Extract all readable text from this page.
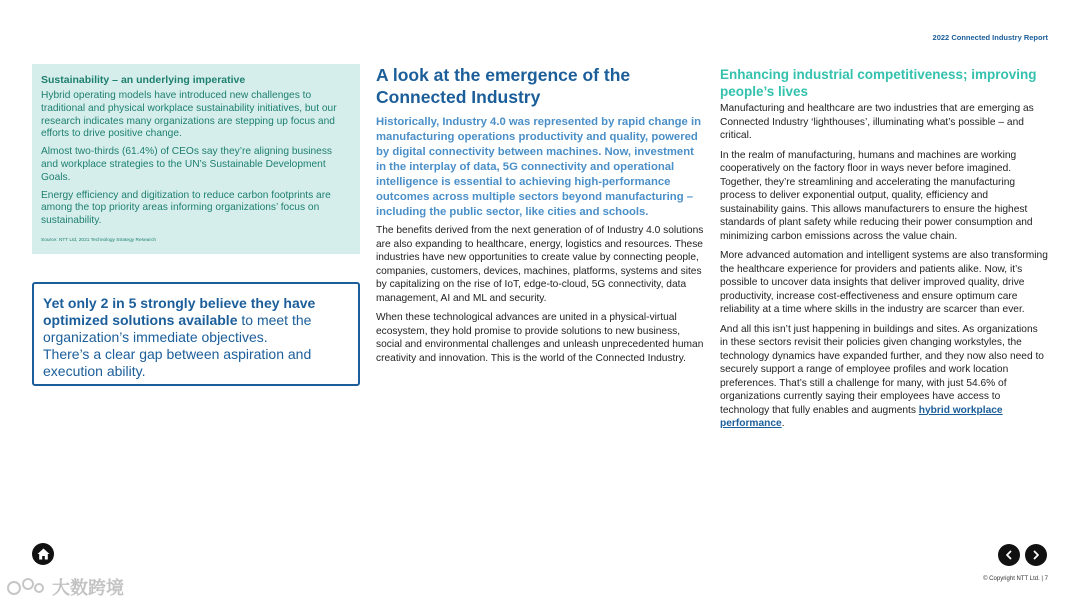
2022 Connected Industry Report

Sustainability – an underlying imperative

Hybrid operating models have introduced new challenges to traditional and physical workplace sustainability initiatives, but our research indicates many organizations are stepping up focus and efforts to drive positive change.

Almost two-thirds (61.4%) of CEOs say they’re aligning business and workplace strategies to the UN’s Sustainable Development Goals.

Energy efficiency and digitization to reduce carbon footprints are among the top priority areas informing organizations’ focus on sustainability.

Source: NTT Ltd, 2021 Technology Strategy Research
Yet only 2 in 5 strongly believe they have optimized solutions available to meet the organization’s immediate objectives.
There’s a clear gap between aspiration and execution ability.
A look at the emergence of the Connected Industry

Historically, Industry 4.0 was represented by rapid change in manufacturing operations productivity and quality, powered by digital connectivity between machines. Now, investment in the interplay of data, 5G connectivity and operational intelligence is essential to achieving high-performance outcomes across multiple sectors beyond manufacturing – including the public sector, like cities and schools.

The benefits derived from the next generation of of Industry 4.0 solutions are also expanding to healthcare, energy, logistics and resources. These industries have new opportunities to create value by connecting people, companies, customers, devices, machines, platforms, systems and sites by capitalizing on the rise of IoT, edge-to-cloud, 5G connectivity, data management, AI and ML and security.

When these technological advances are united in a physical-virtual ecosystem, they hold promise to provide solutions to new business, social and environmental challenges and unleash unprecedented human creativity and innovation. This is the world of the Connected Industry.

Enhancing industrial competitiveness; improving people’s lives

Manufacturing and healthcare are two industries that are emerging as Connected Industry ‘lighthouses’, illuminating what’s possible – and critical.

In the realm of manufacturing, humans and machines are working cooperatively on the factory floor in ways never before imagined. Together, they’re streamlining and accelerating the manufacturing process to deliver exponential output, quality, efficiency and sustainability gains. This allows manufacturers to ensure the highest standards of plant safety while reducing their power consumption and minimizing carbon emissions across the value chain.

More advanced automation and intelligent systems are also transforming the healthcare experience for providers and patients alike. Now, it’s possible to uncover data insights that deliver improved quality, drive productivity, increase cost-effectiveness and ensure optimum care reliability at a time where skills in the industry are scarcer than ever.

And all this isn’t just happening in buildings and sites. As organizations in these sectors revisit their policies given changing workstyles, the technology dynamics have expanded further, and they now also need to securely support a range of employee profiles and work location preferences. That’s still a challenge for many, with just 54.6% of organizations currently saying their employees have access to technology that fully enables and augments hybrid workplace performance.

© Copyright NTT Ltd. | 7
大数跨境
